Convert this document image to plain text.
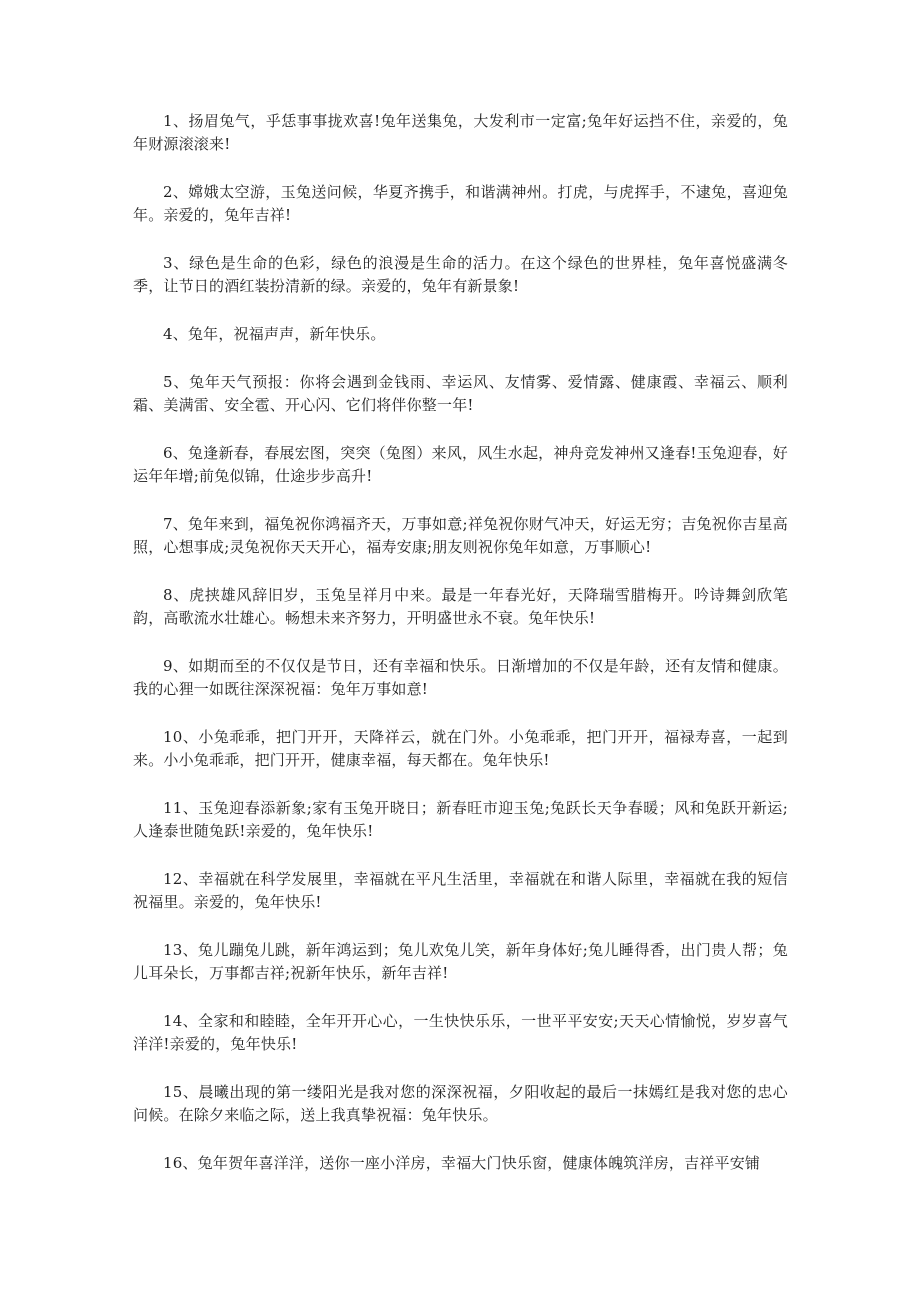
1、扬眉兔气，乎恁事事拢欢喜!兔年送集兔，大发利市一定富;兔年好运挡不住，亲爱的，兔年财源滚滚来!

2、嫦娥太空游，玉兔送问候，华夏齐携手，和谐满神州。打虎，与虎挥手，不逮兔，喜迎兔年。亲爱的，兔年吉祥!

3、绿色是生命的色彩，绿色的浪漫是生命的活力。在这个绿色的世界桂，兔年喜悦盛满冬季，让节日的酒红装扮清新的绿。亲爱的，兔年有新景象!

4、兔年，祝福声声，新年快乐。

5、兔年天气预报：你将会遇到金钱雨、幸运风、友情雾、爱情露、健康霞、幸福云、顺利霜、美满雷、安全雹、开心闪、它们将伴你整一年!

6、兔逢新春，春展宏图，突突（兔图）来风，风生水起，神舟竞发神州又逢春!玉兔迎春，好运年年增;前兔似锦，仕途步步高升!

7、兔年来到，福兔祝你鸿福齐天，万事如意;祥兔祝你财气冲天，好运无穷；吉兔祝你吉星高照，心想事成;灵兔祝你天天开心，福寿安康;朋友则祝你兔年如意，万事顺心!

8、虎挟雄风辞旧岁，玉兔呈祥月中来。最是一年春光好，天降瑞雪腊梅开。吟诗舞剑欣笔韵，高歌流水壮雄心。畅想未来齐努力，开明盛世永不衰。兔年快乐!

9、如期而至的不仅仅是节日，还有幸福和快乐。日渐增加的不仅是年龄，还有友情和健康。我的心狸一如既往深深祝福：兔年万事如意!

10、小兔乖乖，把门开开，天降祥云，就在门外。小兔乖乖，把门开开，福禄寿喜，一起到来。小小兔乖乖，把门开开，健康幸福，每天都在。兔年快乐!

11、玉兔迎春添新象;家有玉兔开晓日；新春旺市迎玉兔;兔跃长天争春暖；风和兔跃开新运;人逢泰世随兔跃!亲爱的，兔年快乐!

12、幸福就在科学发展里，幸福就在平凡生活里，幸福就在和谐人际里，幸福就在我的短信祝福里。亲爱的，兔年快乐!

13、兔儿蹦兔儿跳，新年鸿运到；兔儿欢兔儿笑，新年身体好;兔儿睡得香，出门贵人帮；兔儿耳朵长，万事都吉祥;祝新年快乐，新年吉祥!

14、全家和和睦睦，全年开开心心，一生快快乐乐，一世平平安安;天天心情愉悦，岁岁喜气洋洋!亲爱的，兔年快乐!

15、晨曦出现的第一缕阳光是我对您的深深祝福，夕阳收起的最后一抹嫣红是我对您的忠心问候。在除夕来临之际，送上我真挚祝福：兔年快乐。

16、兔年贺年喜洋洋，送你一座小洋房，幸福大门快乐窗，健康体魄筑洋房，吉祥平安铺
